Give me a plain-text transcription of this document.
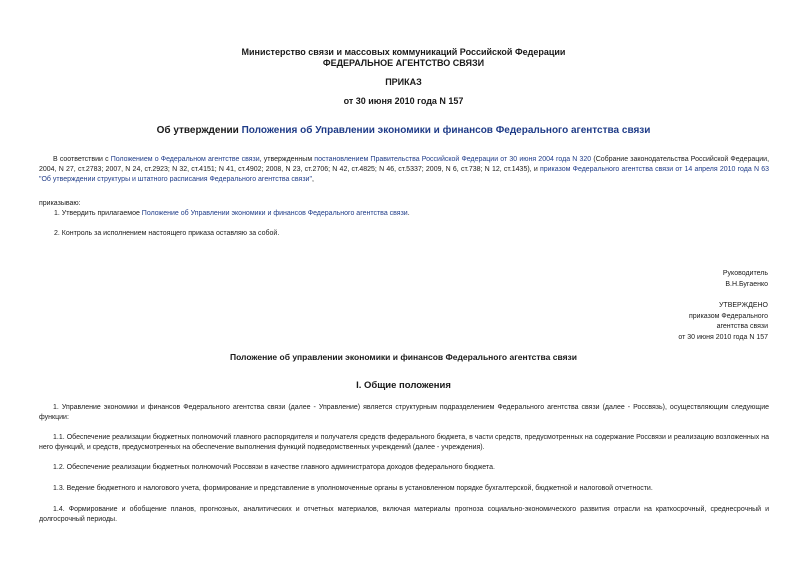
Министерство связи и массовых коммуникаций Российской Федерации
ФЕДЕРАЛЬНОЕ АГЕНТСТВО СВЯЗИ
ПРИКАЗ
от 30 июня 2010 года N 157
Об утверждении Положения об Управлении экономики и финансов Федерального агентства связи
В соответствии с Положением о Федеральном агентстве связи, утвержденным постановлением Правительства Российской Федерации от 30 июня 2004 года N 320 (Собрание законодательства Российской Федерации, 2004, N 27, ст.2783; 2007, N 24, ст.2923; N 32, ст.4151; N 41, ст.4902; 2008, N 23, ст.2706; N 42, ст.4825; N 46, ст.5337; 2009, N 6, ст.738; N 12, ст.1435), и приказом Федерального агентства связи от 14 апреля 2010 года N 63 "Об утверждении структуры и штатного расписания Федерального агентства связи",
приказываю:
1. Утвердить прилагаемое Положение об Управлении экономики и финансов Федерального агентства связи.
2. Контроль за исполнением настоящего приказа оставляю за собой.
Руководитель
В.Н.Бугаенко
УТВЕРЖДЕНО
приказом Федерального
агентства связи
от 30 июня 2010 года N 157
Положение об управлении экономики и финансов Федерального агентства связи
I. Общие положения
1. Управление экономики и финансов Федерального агентства связи (далее - Управление) является структурным подразделением Федерального агентства связи (далее - Россвязь), осуществляющим следующие функции:
1.1. Обеспечение реализации бюджетных полномочий главного распорядителя и получателя средств федерального бюджета, в части средств, предусмотренных на содержание Россвязи и реализацию возложенных на него функций, и средств, предусмотренных на обеспечение выполнения функций подведомственных учреждений (далее - учреждения).
1.2. Обеспечение реализации бюджетных полномочий Россвязи в качестве главного администратора доходов федерального бюджета.
1.3. Ведение бюджетного и налогового учета, формирование и представление в уполномоченные органы в установленном порядке бухгалтерской, бюджетной и налоговой отчетности.
1.4. Формирование и обобщение планов, прогнозных, аналитических и отчетных материалов, включая материалы прогноза социально-экономического развития отрасли на краткосрочный, среднесрочный и долгосрочный периоды.
